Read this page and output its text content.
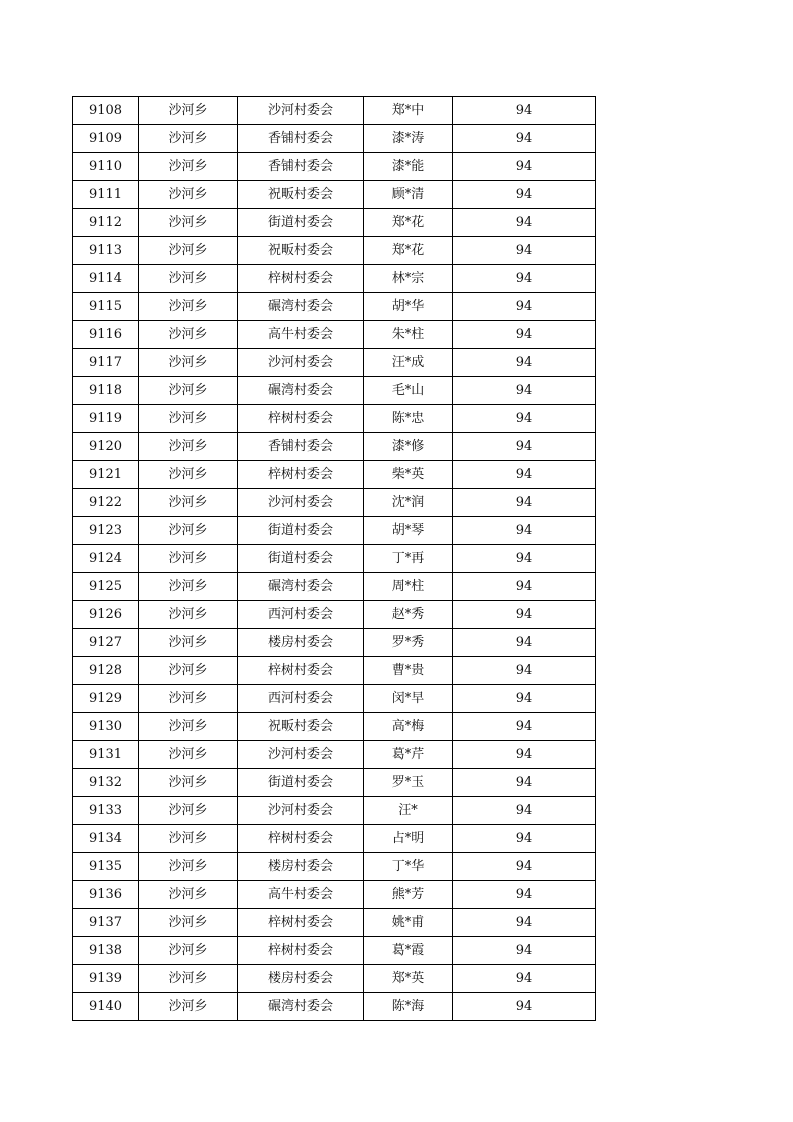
9108	沙河乡	沙河村委会	郑*中	94
9109	沙河乡	香铺村委会	漆*涛	94
9110	沙河乡	香铺村委会	漆*能	94
9111	沙河乡	祝畈村委会	顾*清	94
9112	沙河乡	街道村委会	郑*花	94
9113	沙河乡	祝畈村委会	郑*花	94
9114	沙河乡	梓树村委会	林*宗	94
9115	沙河乡	碾湾村委会	胡*华	94
9116	沙河乡	高牛村委会	朱*柱	94
9117	沙河乡	沙河村委会	汪*成	94
9118	沙河乡	碾湾村委会	毛*山	94
9119	沙河乡	梓树村委会	陈*忠	94
9120	沙河乡	香铺村委会	漆*修	94
9121	沙河乡	梓树村委会	柴*英	94
9122	沙河乡	沙河村委会	沈*润	94
9123	沙河乡	街道村委会	胡*琴	94
9124	沙河乡	街道村委会	丁*再	94
9125	沙河乡	碾湾村委会	周*柱	94
9126	沙河乡	西河村委会	赵*秀	94
9127	沙河乡	楼房村委会	罗*秀	94
9128	沙河乡	梓树村委会	曹*贵	94
9129	沙河乡	西河村委会	闵*早	94
9130	沙河乡	祝畈村委会	高*梅	94
9131	沙河乡	沙河村委会	葛*芹	94
9132	沙河乡	街道村委会	罗*玉	94
9133	沙河乡	沙河村委会	汪*	94
9134	沙河乡	梓树村委会	占*明	94
9135	沙河乡	楼房村委会	丁*华	94
9136	沙河乡	高牛村委会	熊*芳	94
9137	沙河乡	梓树村委会	姚*甫	94
9138	沙河乡	梓树村委会	葛*霞	94
9139	沙河乡	楼房村委会	郑*英	94
9140	沙河乡	碾湾村委会	陈*海	94
